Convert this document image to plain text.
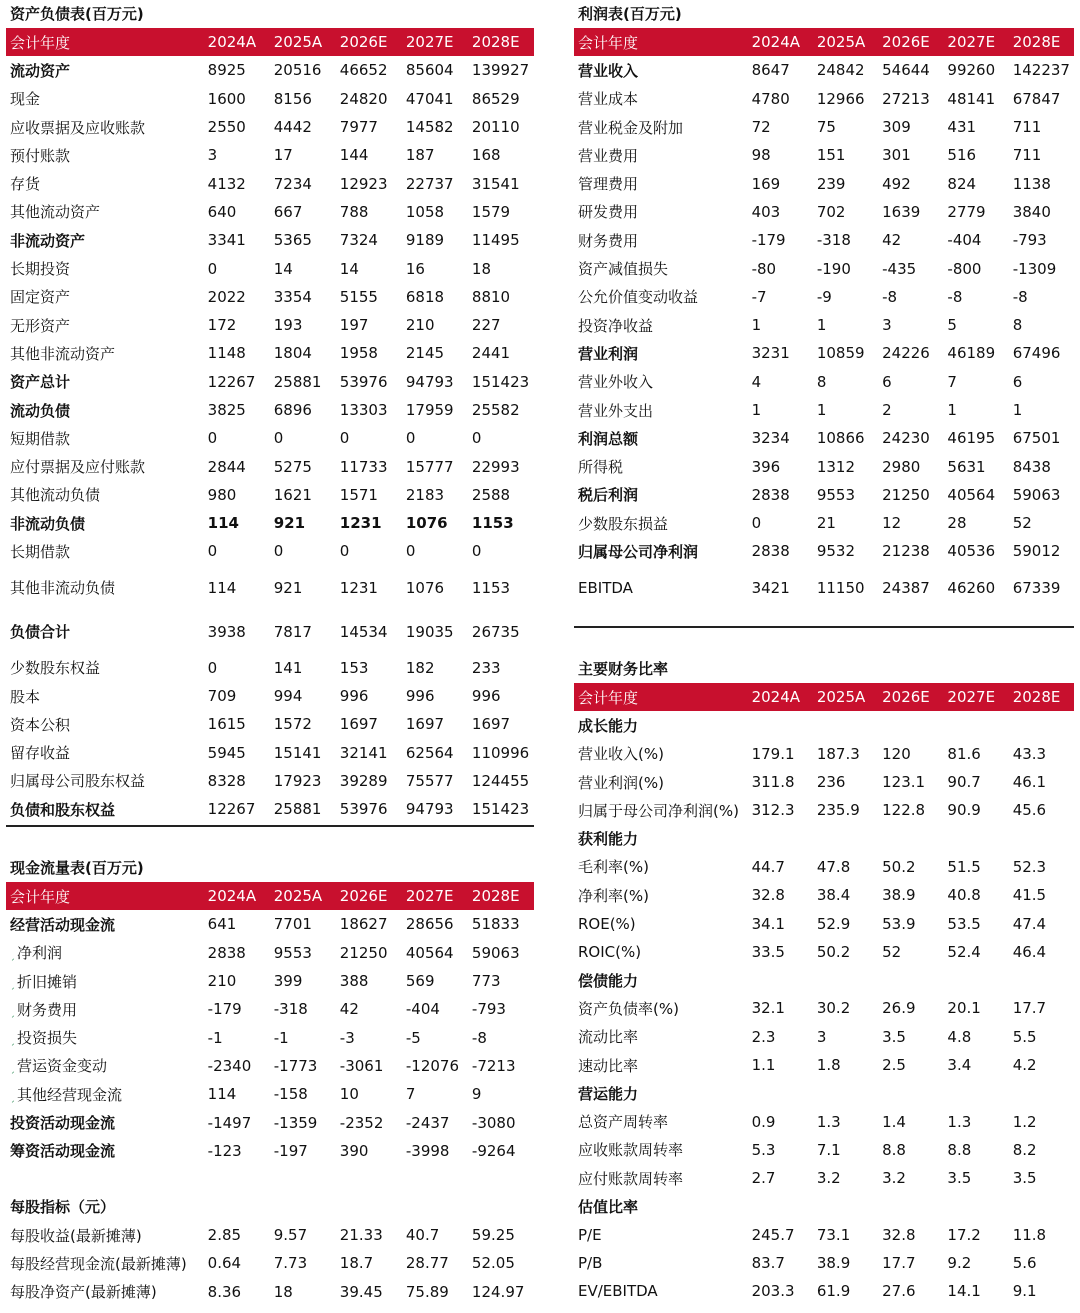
资产负债表(百万元)
会计年度	2024A	2025A	2026E	2027E	2028E
流动资产	8925	20516	46652	85604	139927
现金	1600	8156	24820	47041	86529
应收票据及应收账款	2550	4442	7977	14582	20110
预付账款	3	17	144	187	168
存货	4132	7234	12923	22737	31541
其他流动资产	640	667	788	1058	1579
非流动资产	3341	5365	7324	9189	11495
长期投资	0	14	14	16	18
固定资产	2022	3354	5155	6818	8810
无形资产	172	193	197	210	227
其他非流动资产	1148	1804	1958	2145	2441
资产总计	12267	25881	53976	94793	151423
流动负债	3825	6896	13303	17959	25582
短期借款	0	0	0	0	0
应付票据及应付账款	2844	5275	11733	15777	22993
其他流动负债	980	1621	1571	2183	2588
非流动负债	114	921	1231	1076	1153
长期借款	0	0	0	0	0
其他非流动负债	114	921	1231	1076	1153
负债合计	3938	7817	14534	19035	26735
少数股东权益	0	141	153	182	233
股本	709	994	996	996	996
资本公积	1615	1572	1697	1697	1697
留存收益	5945	15141	32141	62564	110996
归属母公司股东权益	8328	17923	39289	75577	124455
负债和股东权益	12267	25881	53976	94793	151423
利润表(百万元)
会计年度	2024A	2025A	2026E	2027E	2028E
营业收入	8647	24842	54644	99260	142237
营业成本	4780	12966	27213	48141	67847
营业税金及附加	72	75	309	431	711
营业费用	98	151	301	516	711
管理费用	169	239	492	824	1138
研发费用	403	702	1639	2779	3840
财务费用	-179	-318	42	-404	-793
资产减值损失	-80	-190	-435	-800	-1309
公允价值变动收益	-7	-9	-8	-8	-8
投资净收益	1	1	3	5	8
营业利润	3231	10859	24226	46189	67496
营业外收入	4	8	6	7	6
营业外支出	1	1	2	1	1
利润总额	3234	10866	24230	46195	67501
所得税	396	1312	2980	5631	8438
税后利润	2838	9553	21250	40564	59063
少数股东损益	0	21	12	28	52
归属母公司净利润	2838	9532	21238	40536	59012
EBITDA	3421	11150	24387	46260	67339
现金流量表(百万元)
会计年度	2024A	2025A	2026E	2027E	2028E
经营活动现金流	641	7701	18627	28656	51833
ˏ 净利润	2838	9553	21250	40564	59063
ˏ 折旧摊销	210	399	388	569	773
ˏ 财务费用	-179	-318	42	-404	-793
ˏ 投资损失	-1	-1	-3	-5	-8
ˏ 营运资金变动	-2340	-1773	-3061	-12076	-7213
ˏ 其他经营现金流	114	-158	10	7	9
投资活动现金流	-1497	-1359	-2352	-2437	-3080
筹资活动现金流	-123	-197	390	-3998	-9264
每股指标（元）
每股收益(最新摊薄)	2.85	9.57	21.33	40.7	59.25
每股经营现金流(最新摊薄)	0.64	7.73	18.7	28.77	52.05
每股净资产(最新摊薄)	8.36	18	39.45	75.89	124.97
主要财务比率
会计年度	2024A	2025A	2026E	2027E	2028E
成长能力					
营业收入(%)	179.1	187.3	120	81.6	43.3
营业利润(%)	311.8	236	123.1	90.7	46.1
归属于母公司净利润(%)	312.3	235.9	122.8	90.9	45.6
获利能力					
毛利率(%)	44.7	47.8	50.2	51.5	52.3
净利率(%)	32.8	38.4	38.9	40.8	41.5
ROE(%)	34.1	52.9	53.9	53.5	47.4
ROIC(%)	33.5	50.2	52	52.4	46.4
偿债能力					
资产负债率(%)	32.1	30.2	26.9	20.1	17.7
流动比率	2.3	3	3.5	4.8	5.5
速动比率	1.1	1.8	2.5	3.4	4.2
营运能力					
总资产周转率	0.9	1.3	1.4	1.3	1.2
应收账款周转率	5.3	7.1	8.8	8.8	8.2
应付账款周转率	2.7	3.2	3.2	3.5	3.5
估值比率					
P/E	245.7	73.1	32.8	17.2	11.8
P/B	83.7	38.9	17.7	9.2	5.6
EV/EBITDA	203.3	61.9	27.6	14.1	9.1
